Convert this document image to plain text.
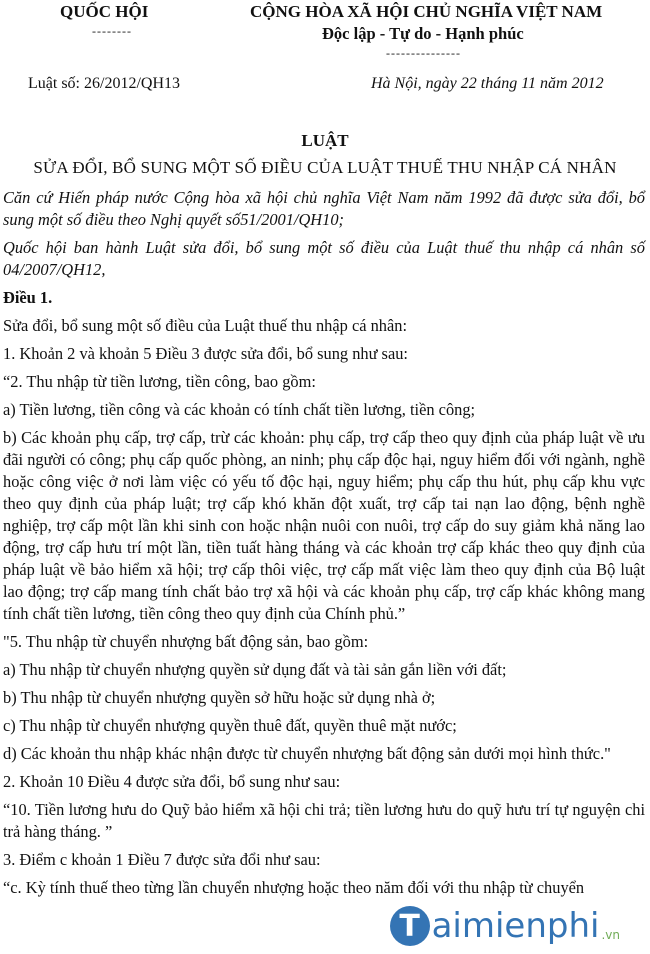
QUỐC HỘI
--------
CỘNG HÒA XÃ HỘI CHỦ NGHĨA VIỆT NAM
Độc lập - Tự do - Hạnh phúc
---------------
Luật số: 26/2012/QH13	Hà Nội, ngày 22 tháng 11 năm 2012
LUẬT
SỬA ĐỔI, BỔ SUNG MỘT SỐ ĐIỀU CỦA LUẬT THUẾ THU NHẬP CÁ NHÂN

Căn cứ Hiến pháp nước Cộng hòa xã hội chủ nghĩa Việt Nam năm 1992 đã được sửa đổi, bổ sung một số điều theo Nghị quyết số51/2001/QH10;

Quốc hội ban hành Luật sửa đổi, bổ sung một số điều của Luật thuế thu nhập cá nhân số 04/2007/QH12,

Điều 1.

Sửa đổi, bổ sung một số điều của Luật thuế thu nhập cá nhân:

1. Khoản 2 và khoản 5 Điều 3 được sửa đổi, bổ sung như sau:

“2. Thu nhập từ tiền lương, tiền công, bao gồm:

a) Tiền lương, tiền công và các khoản có tính chất tiền lương, tiền công;

b) Các khoản phụ cấp, trợ cấp, trừ các khoản: phụ cấp, trợ cấp theo quy định của pháp luật về ưu đãi người có công; phụ cấp quốc phòng, an ninh; phụ cấp độc hại, nguy hiểm đối với ngành, nghề hoặc công việc ở nơi làm việc có yếu tố độc hại, nguy hiểm; phụ cấp thu hút, phụ cấp khu vực theo quy định của pháp luật; trợ cấp khó khăn đột xuất, trợ cấp tai nạn lao động, bệnh nghề nghiệp, trợ cấp một lần khi sinh con hoặc nhận nuôi con nuôi, trợ cấp do suy giảm khả năng lao động, trợ cấp hưu trí một lần, tiền tuất hàng tháng và các khoản trợ cấp khác theo quy định của pháp luật về bảo hiểm xã hội; trợ cấp thôi việc, trợ cấp mất việc làm theo quy định của Bộ luật lao động; trợ cấp mang tính chất bảo trợ xã hội và các khoản phụ cấp, trợ cấp khác không mang tính chất tiền lương, tiền công theo quy định của Chính phủ.”

"5. Thu nhập từ chuyển nhượng bất động sản, bao gồm:

a) Thu nhập từ chuyển nhượng quyền sử dụng đất và tài sản gắn liền với đất;

b) Thu nhập từ chuyển nhượng quyền sở hữu hoặc sử dụng nhà ở;

c) Thu nhập từ chuyển nhượng quyền thuê đất, quyền thuê mặt nước;

d) Các khoản thu nhập khác nhận được từ chuyển nhượng bất động sản dưới mọi hình thức."

2. Khoản 10 Điều 4 được sửa đổi, bổ sung như sau:

“10. Tiền lương hưu do Quỹ bảo hiểm xã hội chi trả; tiền lương hưu do quỹ hưu trí tự nguyện chi trả hàng tháng. ”

3. Điểm c khoản 1 Điều 7 được sửa đổi như sau:

“c. Kỳ tính thuế theo từng lần chuyển nhượng hoặc theo năm đối với thu nhập từ chuyển

T aimienphi .vn
